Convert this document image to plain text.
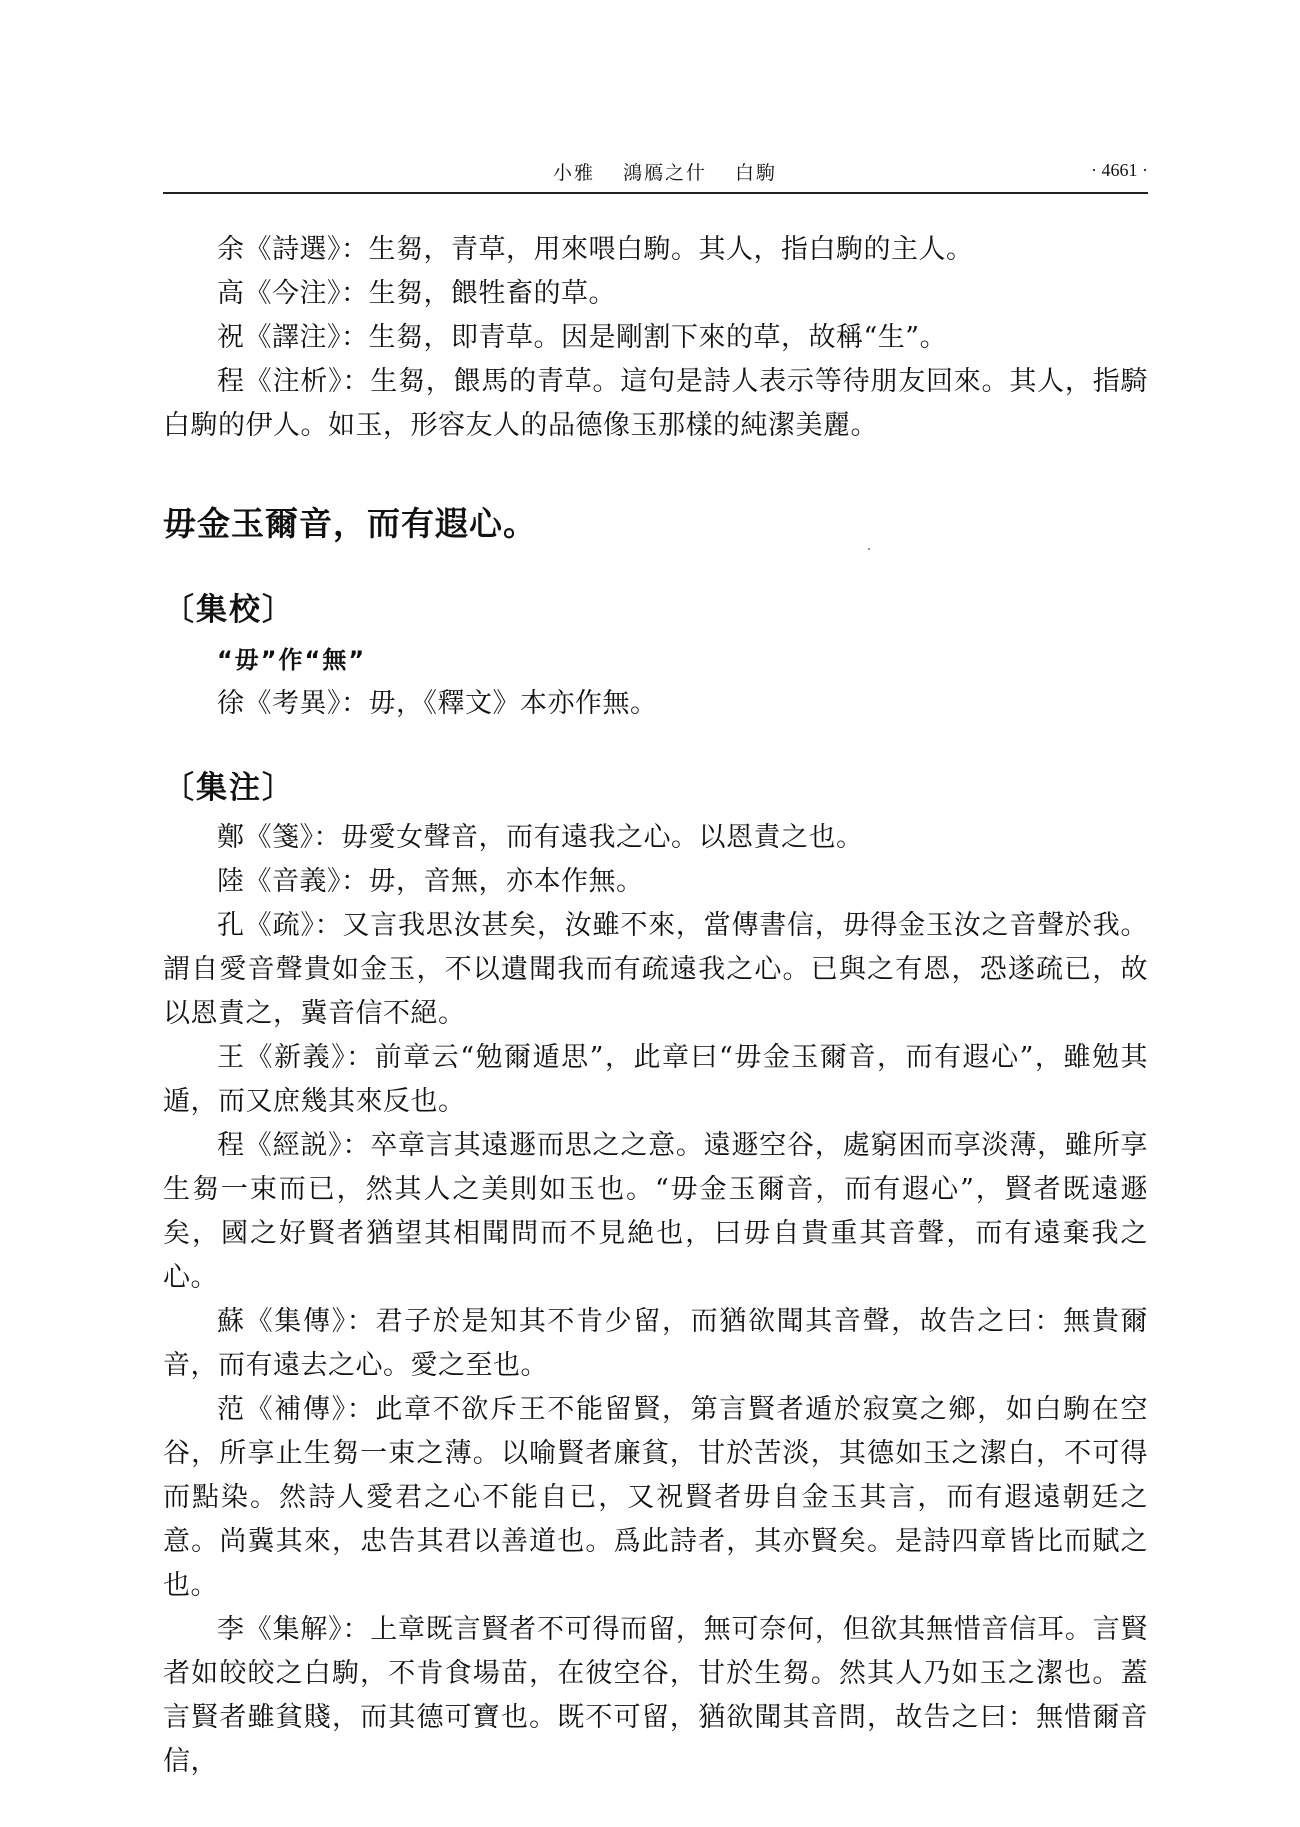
小雅 鴻鴈之什 白駒	· 4661 ·

余《詩選》：生芻，青草，用來喂白駒。其人，指白駒的主人。

高《今注》：生芻，餵牲畜的草。

祝《譯注》：生芻，即青草。因是剛割下來的草，故稱“生”。

程《注析》：生芻，餵馬的青草。這句是詩人表示等待朋友回來。其人，指騎白駒的伊人。如玉，形容友人的品德像玉那樣的純潔美麗。

毋金玉爾音，而有遐心。
〔集校〕
“毋”作“無”

徐《考異》：毋，《釋文》本亦作無。

〔集注〕

鄭《箋》：毋愛女聲音，而有遠我之心。以恩責之也。

陸《音義》：毋，音無，亦本作無。

孔《疏》：又言我思汝甚矣，汝雖不來，當傳書信，毋得金玉汝之音聲於我。謂自愛音聲貴如金玉，不以遺聞我而有疏遠我之心。已與之有恩，恐遂疏已，故以恩責之，冀音信不絕。

王《新義》：前章云“勉爾遁思”，此章曰“毋金玉爾音，而有遐心”，雖勉其遁，而又庶幾其來反也。

程《經説》：卒章言其遠遯而思之之意。遠遯空谷，處窮困而享淡薄，雖所享生芻一束而已，然其人之美則如玉也。“毋金玉爾音，而有遐心”，賢者既遠遯矣，國之好賢者猶望其相聞問而不見絶也，曰毋自貴重其音聲，而有遠棄我之心。

蘇《集傳》：君子於是知其不肯少留，而猶欲聞其音聲，故告之曰：無貴爾音，而有遠去之心。愛之至也。

范《補傳》：此章不欲斥王不能留賢，第言賢者遁於寂寞之鄉，如白駒在空谷，所享止生芻一束之薄。以喻賢者廉貧，甘於苦淡，其德如玉之潔白，不可得而點染。然詩人愛君之心不能自已，又祝賢者毋自金玉其言，而有遐遠朝廷之意。尚冀其來，忠告其君以善道也。爲此詩者，其亦賢矣。是詩四章皆比而賦之也。

李《集解》：上章既言賢者不可得而留，無可奈何，但欲其無惜音信耳。言賢者如皎皎之白駒，不肯食場苗，在彼空谷，甘於生芻。然其人乃如玉之潔也。蓋言賢者雖貧賤，而其德可寶也。既不可留，猶欲聞其音問，故告之曰：無惜爾音信，
